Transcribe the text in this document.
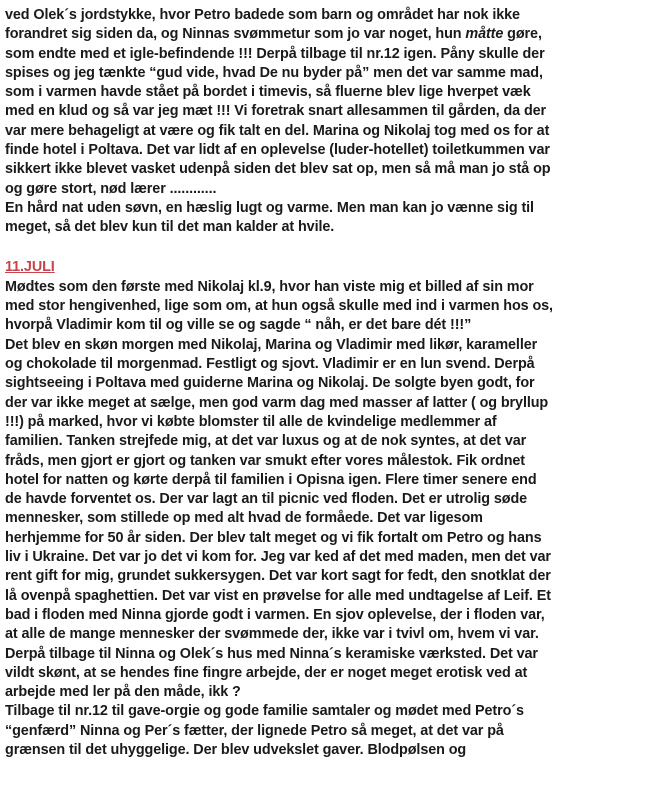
ved Olek´s jordstykke, hvor Petro badede som barn og området har nok ikke
forandret sig siden da, og Ninnas svømmetur som jo var noget, hun måtte gøre,
som endte med et igle-befindende !!! Derpå tilbage til nr.12 igen. Påny skulle der
spises og jeg tænkte “gud vide, hvad De nu byder på” men det var samme mad,
som i varmen havde stået på bordet i timevis, så fluerne blev lige hverpet væk
med en klud og så var jeg mæt !!! Vi foretrak snart allesammen til gården, da der
var mere behageligt at være og fik talt en del. Marina og Nikolaj tog med os for at
finde hotel i Poltava. Det var lidt af en oplevelse (luder-hotellet) toiletkummen var
sikkert ikke blevet vasket udenpå siden det blev sat op, men så må man jo stå op
og gøre stort, nød lærer ............
En hård nat uden søvn, en hæslig lugt og varme. Men man kan jo vænne sig til
meget, så det blev kun til det man kalder at hvile.
11.JULI
Mødtes som den første med Nikolaj kl.9, hvor han viste mig et billed af sin mor
med stor hengivenhed, lige som om, at hun også skulle med ind i varmen hos os,
hvorpå Vladimir kom til og ville se og sagde “ nåh, er det bare dét !!!”
Det blev en skøn morgen med Nikolaj, Marina og Vladimir med likør, karameller
og chokolade til morgenmad. Festligt og sjovt. Vladimir er en lun svend. Derpå
sightseeing i Poltava med guiderne Marina og Nikolaj. De solgte byen godt, for
der var ikke meget at sælge, men god varm dag med masser af latter ( og bryllup
!!!) på marked, hvor vi købte blomster til alle de kvindelige medlemmer af
familien. Tanken strejfede mig, at det var luxus og at de nok syntes, at det var
fråds, men gjort er gjort og tanken var smukt efter vores målestok. Fik ordnet
hotel for natten og kørte derpå til familien i Opisna igen. Flere timer senere end
de havde forventet os. Der var lagt an til picnic ved floden. Det er utrolig søde
mennesker, som stillede op med alt hvad de formåede. Det var ligesom
herhjemme for 50 år siden. Der blev talt meget og vi fik fortalt om Petro og hans
liv i Ukraine. Det var jo det vi kom for. Jeg var ked af det med maden, men det var
rent gift for mig, grundet sukkersygen. Det var kort sagt for fedt, den snotklat der
lå ovenpå spaghettien. Det var vist en prøvelse for alle med undtagelse af Leif. Et
bad i floden med Ninna gjorde godt i varmen. En sjov oplevelse, der i floden var,
at alle de mange mennesker der svømmede der, ikke var i tvivl om, hvem vi var.
Derpå tilbage til Ninna og Olek´s hus med Ninna´s keramiske værksted. Det var
vildt skønt, at se hendes fine fingre arbejde, der er noget meget erotisk ved at
arbejde med ler på den måde, ikk ?
Tilbage til nr.12 til gave-orgie og gode familie samtaler og mødet med Petro´s
“genfærd” Ninna og Per´s fætter, der lignede Petro så meget, at det var på
grænsen til det uhyggelige. Der blev udvekslet gaver. Blodpølsen og
